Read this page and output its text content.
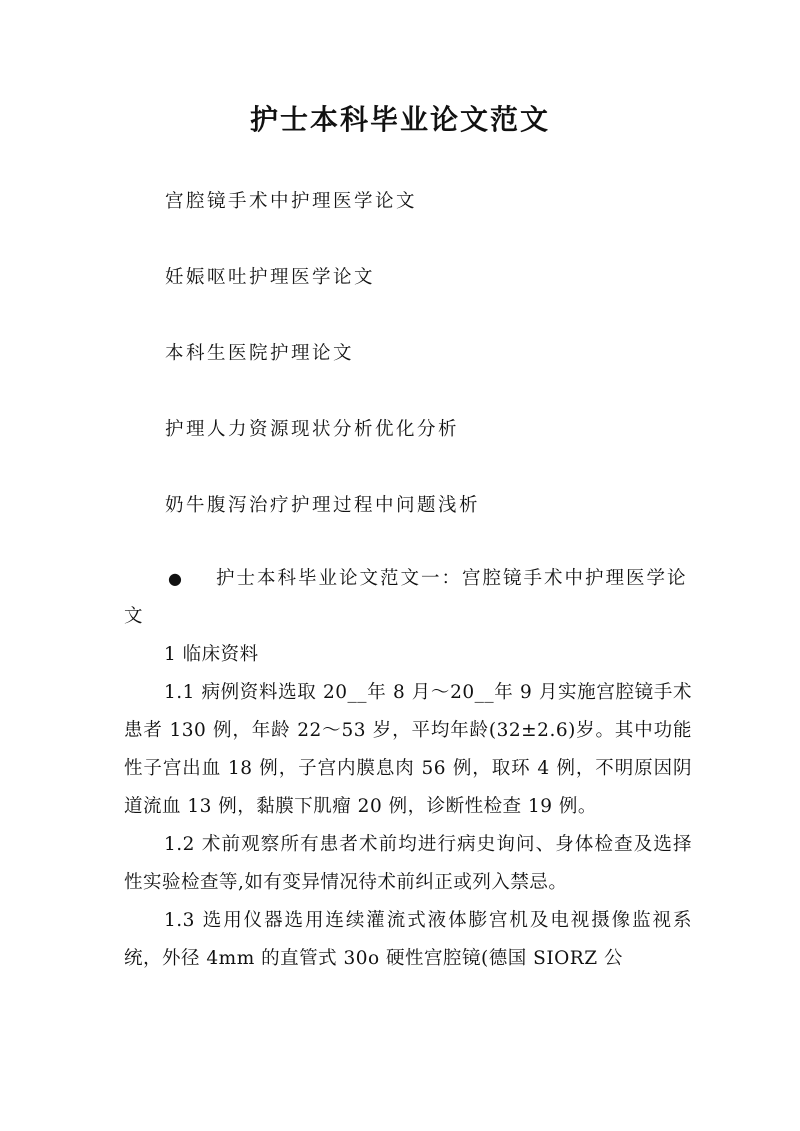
护士本科毕业论文范文
宫腔镜手术中护理医学论文
妊娠呕吐护理医学论文
本科生医院护理论文
护理人力资源现状分析优化分析
奶牛腹泻治疗护理过程中问题浅析

● 护士本科毕业论文范文一：宫腔镜手术中护理医学论文

1 临床资料

1.1 病例资料选取 20__年 8 月～20__年 9 月实施宫腔镜手术患者 130 例，年龄 22～53 岁，平均年龄(32±2.6)岁。其中功能性子宫出血 18 例，子宫内膜息肉 56 例，取环 4 例，不明原因阴道流血 13 例，黏膜下肌瘤 20 例，诊断性检查 19 例。

1.2 术前观察所有患者术前均进行病史询问、身体检查及选择性实验检查等,如有变异情况待术前纠正或列入禁忌。

1.3 选用仪器选用连续灌流式液体膨宫机及电视摄像监视系统，外径 4mm 的直管式 30o 硬性宫腔镜(德国 SIORZ 公
